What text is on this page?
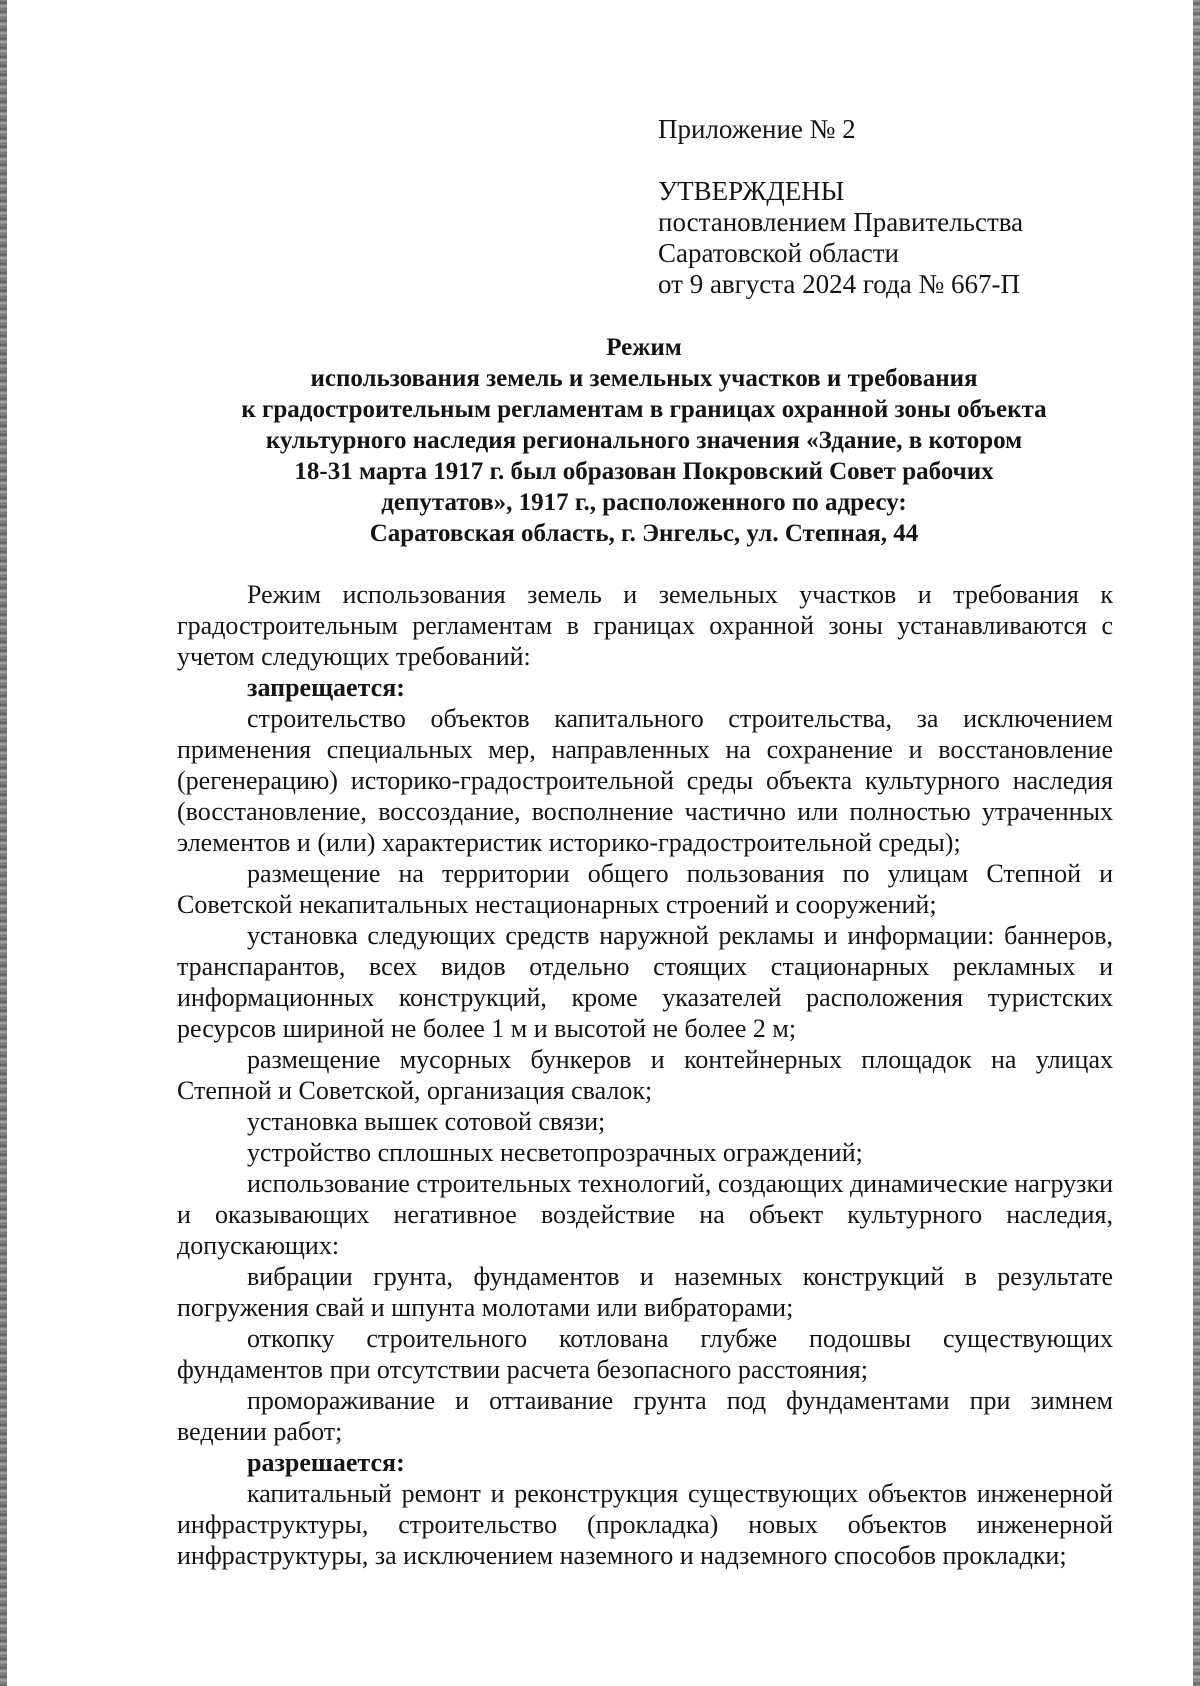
Приложение № 2

УТВЕРЖДЕНЫ

постановлением Правительства

Саратовской области

от 9 августа 2024 года № 667-П

Режим

использования земель и земельных участков и требования

к градостроительным регламентам в границах охранной зоны объекта

культурного наследия регионального значения «Здание, в котором

18-31 марта 1917 г. был образован Покровский Совет рабочих

депутатов», 1917 г., расположенного по адресу:

Саратовская область, г. Энгельс, ул. Степная, 44

Режим использования земель и земельных участков и требования к градостроительным регламентам в границах охранной зоны устанавливаются с учетом следующих требований:

запрещается:

строительство объектов капитального строительства, за исключением применения специальных мер, направленных на сохранение и восстановление (регенерацию) историко-градостроительной среды объекта культурного наследия (восстановление, воссоздание, восполнение частично или полностью утраченных элементов и (или) характеристик историко-градостроительной среды);

размещение на территории общего пользования по улицам Степной и Советской некапитальных нестационарных строений и сооружений;

установка следующих средств наружной рекламы и информации: баннеров, транспарантов, всех видов отдельно стоящих стационарных рекламных и информационных конструкций, кроме указателей расположения туристских ресурсов шириной не более 1 м и высотой не более 2 м;

размещение мусорных бункеров и контейнерных площадок на улицах Степной и Советской, организация свалок;

установка вышек сотовой связи;

устройство сплошных несветопрозрачных ограждений;

использование строительных технологий, создающих динамические нагрузки и оказывающих негативное воздействие на объект культурного наследия, допускающих:

вибрации грунта, фундаментов и наземных конструкций в результате погружения свай и шпунта молотами или вибраторами;

откопку строительного котлована глубже подошвы существующих фундаментов при отсутствии расчета безопасного расстояния;

промораживание и оттаивание грунта под фундаментами при зимнем ведении работ;

разрешается:

капитальный ремонт и реконструкция существующих объектов инженерной инфраструктуры, строительство (прокладка) новых объектов инженерной инфраструктуры, за исключением наземного и надземного способов прокладки;
